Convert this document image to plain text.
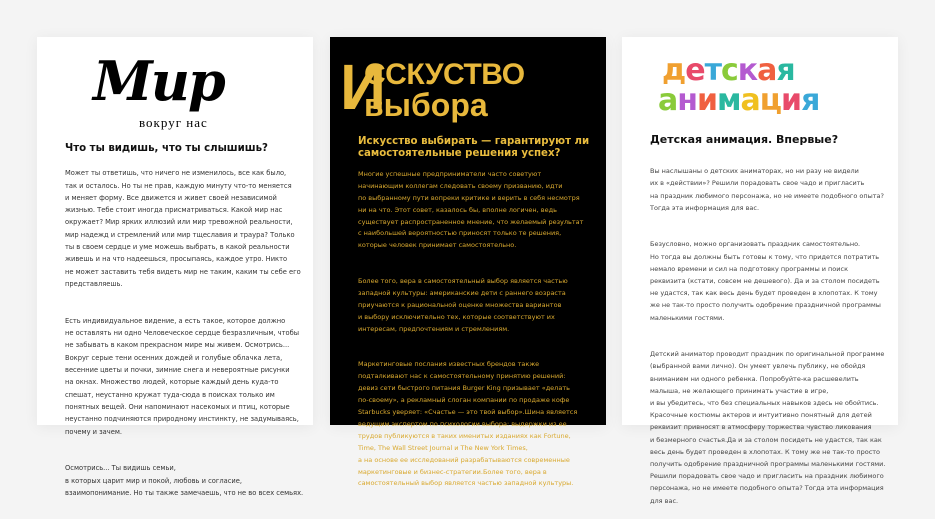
Мир
вокруг нас
Что ты видишь, что ты слышишь?

Может ты ответишь, что ничего не изменилось, все как было,
так и осталось. Но ты не прав, каждую минуту что-то меняется
и меняет форму. Все движется и живет своей независимой
жизнью. Тебе стоит иногда присматриваться. Какой мир нас
окружает? Мир ярких иллюзий или мир тревожной реальности,
мир надежд и стремлений или мир тщеславия и траура? Только
ты в своем сердце и уме можешь выбрать, в какой реальности
живешь и на что надеешься, просыпаясь, каждое утро. Никто
не может заставить тебя видеть мир не таким, каким ты себе его
представляешь.

Есть индивидуальное видение, а есть такое, которое должно
не оставлять ни одно Человеческое сердце безразличным, чтобы
не забывать в каком прекрасном мире мы живем. Осмотрись...
Вокруг серые тени осенних дождей и голубые облачка лета,
весенние цветы и почки, зимние снега и невероятные рисунки
на окнах. Множество людей, которые каждый день куда-то
спешат, неустанно кружат туда-сюда в поисках только им
понятных вещей. Они напоминают насекомых и птиц, которые
неустанно подчиняются природному инстинкту, не задумываясь,
почему и зачем.

Осмотрись... Ты видишь семьи,
в которых царит мир и покой, любовь и согласие,
взаимопонимание. Но ты также замечаешь, что не во всех семьях.

И
ССКУСТВО
выбора
Искусство выбирать — гарантируют ли самостоятельные решения успех?

Многие успешные предприниматели часто советуют
начинающим коллегам следовать своему призванию, идти
по выбранному пути вопреки критике и верить в себя несмотря
ни на что. Этот совет, казалось бы, вполне логичен, ведь
существует распространенное мнение, что желаемый результат
с наибольшей вероятностью приносят только те решения,
которые человек принимает самостоятельно.

Более того, вера в самостоятельный выбор является частью
западной культуры: американские дети с раннего возраста
приучаются к рациональной оценке множества вариантов
и выбору исключительно тех, которые соответствуют их
интересам, предпочтениям и стремлениям.

Маркетинговые послания известных брендов также
подталкивают нас к самостоятельному принятию решений:
девиз сети быстрого питания Burger King призывает «делать
по-своему», а рекламный слоган компании по продаже кофе
Starbucks уверяет: «Счастье — это твой выбор».Шина является
ведущим экспертом по психологии выбора: выдержки из ее
трудов публикуются в таких именитых изданиях как Fortune,
Time, The Wall Street Journal и The New York Times,
а на основе ее исследований разрабатываются современные
маркетинговые и бизнес-стратегии.Более того, вера в
самостоятельный выбор является частью западной культуры.

детская
анимация
Детская анимация. Впервые?

Вы наслышаны о детских аниматорах, но ни разу не видели
их в «действии»? Решили порадовать свое чадо и пригласить
на праздник любимого персонажа, но не имеете подобного опыта?
Тогда эта информация для вас.

Безусловно, можно организовать праздник самостоятельно.
Но тогда вы должны быть готовы к тому, что придется потратить
немало времени и сил на подготовку программы и поиск
реквизита (кстати, совсем не дешевого). Да и за столом посидеть
не удастся, так как весь день будет проведен в хлопотах. К тому
же не так-то просто получить одобрение праздничной программы
маленькими гостями.

Детский аниматор проводит праздник по оригинальной программе
(выбранной вами лично). Он умеет увлечь публику, не обойдя
вниманием ни одного ребенка. Попробуйте-ка расшевелить
малыша, не желающего принимать участие в игре,
и вы убедитесь, что без специальных навыков здесь не обойтись.
Красочные костюмы актеров и интуитивно понятный для детей
реквизит привносят в атмосферу торжества чувство ликования
и безмерного счастья.Да и за столом посидеть не удастся, так как
весь день будет проведен в хлопотах. К тому же не так-то просто
получить одобрение праздничной программы маленькими гостями.
Решили порадовать свое чадо и пригласить на праздник любимого
персонажа, но не имеете подобного опыта? Тогда эта информация
для вас.
